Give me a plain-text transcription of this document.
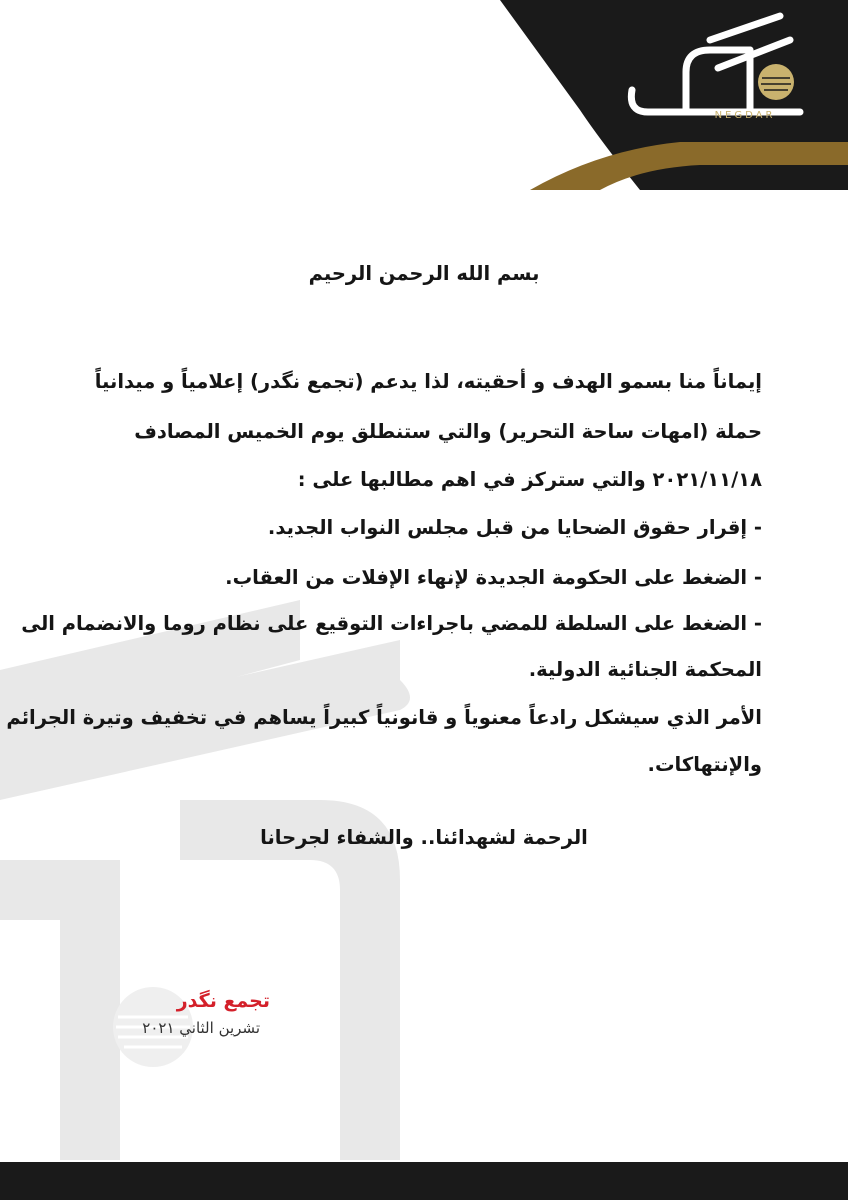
NEGDAR
بسم الله الرحمن الرحيم
إيماناً منا بسمو الهدف و أحقيته، لذا يدعم (تجمع نگدر) إعلامياً و ميدانياً
حملة (امهات ساحة التحرير) والتي ستنطلق يوم الخميس المصادف
٢٠٢١/١١/١٨ والتي ستركز في اهم مطالبها على :
- إقرار حقوق الضحايا من قبل مجلس النواب الجديد.
- الضغط على الحكومة الجديدة لإنهاء الإفلات من العقاب.
- الضغط على السلطة للمضي باجراءات التوقيع على نظام روما والانضمام الى
المحكمة الجنائية الدولية.
الأمر الذي سيشكل رادعاً معنوياً و قانونياً كبيراً يساهم في تخفيف وتيرة الجرائم
والإنتهاكات.
الرحمة لشهدائنا.. والشفاء لجرحانا
تجمع نگدر
تشرين الثاني ٢٠٢١
